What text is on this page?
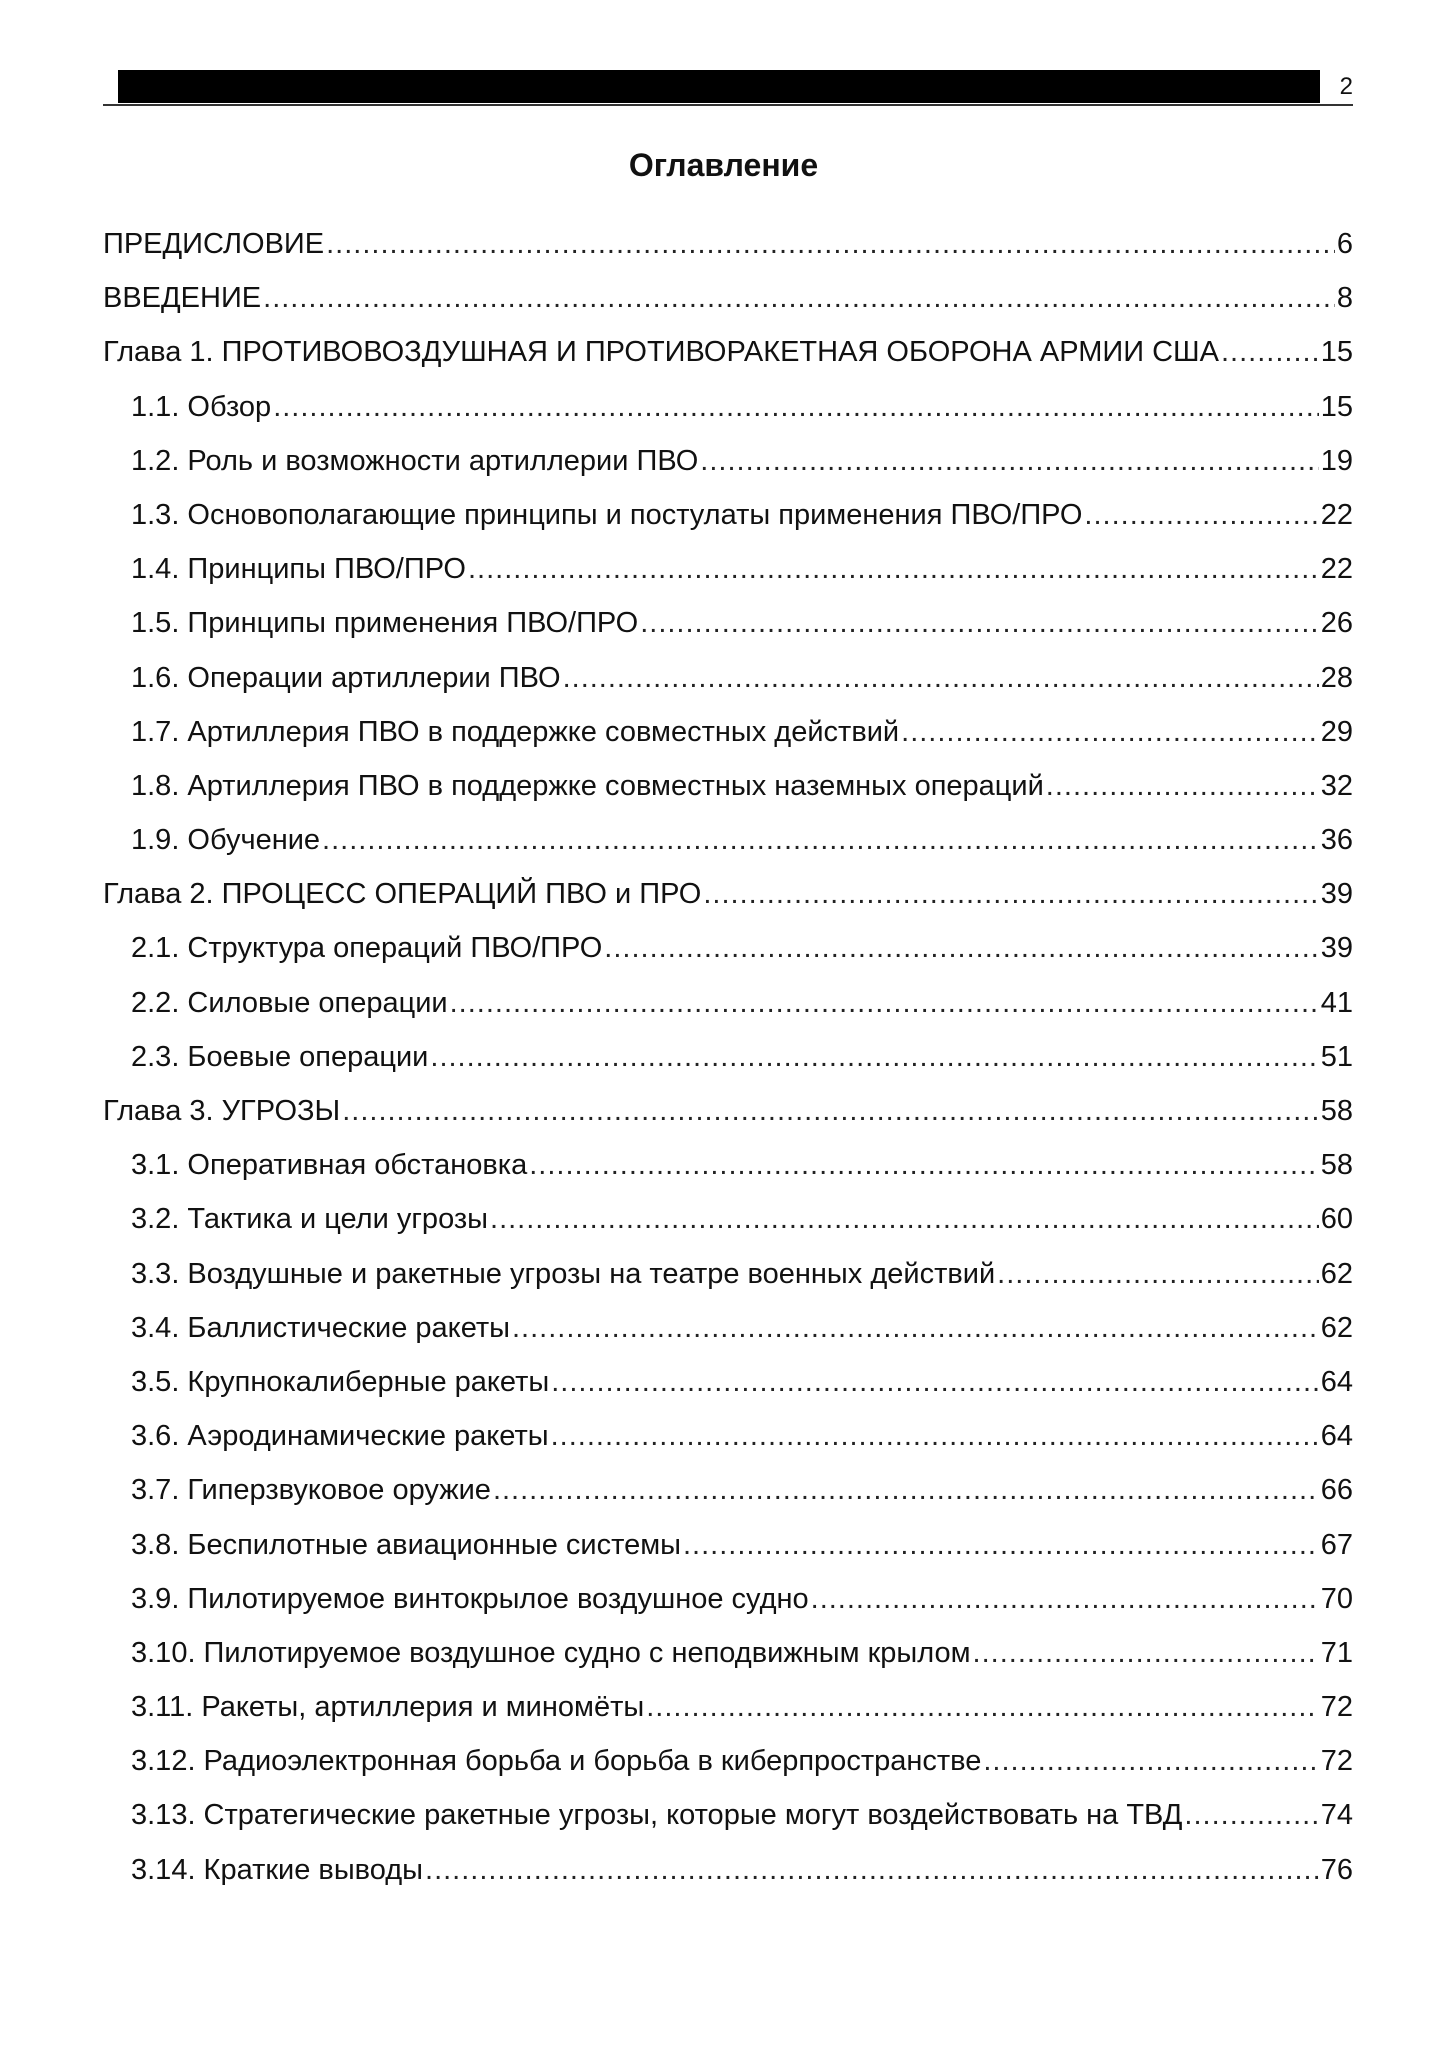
2
Оглавление
ПРЕДИСЛОВИЕ .....	6
ВВЕДЕНИЕ .....	8
Глава 1. ПРОТИВОВОЗДУШНАЯ И ПРОТИВОРАКЕТНАЯ ОБОРОНА АРМИИ США .....	15
1.1. Обзор .....	15
1.2. Роль и возможности артиллерии ПВО .....	19
1.3. Основополагающие принципы и постулаты применения ПВО/ПРО .....	22
1.4. Принципы ПВО/ПРО .....	22
1.5. Принципы применения ПВО/ПРО .....	26
1.6. Операции артиллерии ПВО .....	28
1.7. Артиллерия ПВО в поддержке совместных действий .....	29
1.8. Артиллерия ПВО в поддержке совместных наземных операций .....	32
1.9. Обучение .....	36
Глава 2. ПРОЦЕСС ОПЕРАЦИЙ ПВО и ПРО .....	39
2.1. Структура операций ПВО/ПРО .....	39
2.2. Силовые операции .....	41
2.3. Боевые операции .....	51
Глава 3. УГРОЗЫ .....	58
3.1. Оперативная обстановка .....	58
3.2. Тактика и цели угрозы .....	60
3.3. Воздушные и ракетные угрозы на театре военных действий .....	62
3.4. Баллистические ракеты .....	62
3.5. Крупнокалиберные ракеты .....	64
3.6. Аэродинамические ракеты .....	64
3.7. Гиперзвуковое оружие .....	66
3.8. Беспилотные авиационные системы .....	67
3.9. Пилотируемое винтокрылое воздушное судно .....	70
3.10. Пилотируемое воздушное судно с неподвижным крылом .....	71
3.11. Ракеты, артиллерия и миномёты .....	72
3.12. Радиоэлектронная борьба и борьба в киберпространстве .....	72
3.13. Стратегические ракетные угрозы, которые могут воздействовать на ТВД .....	74
3.14. Краткие выводы .....	76
